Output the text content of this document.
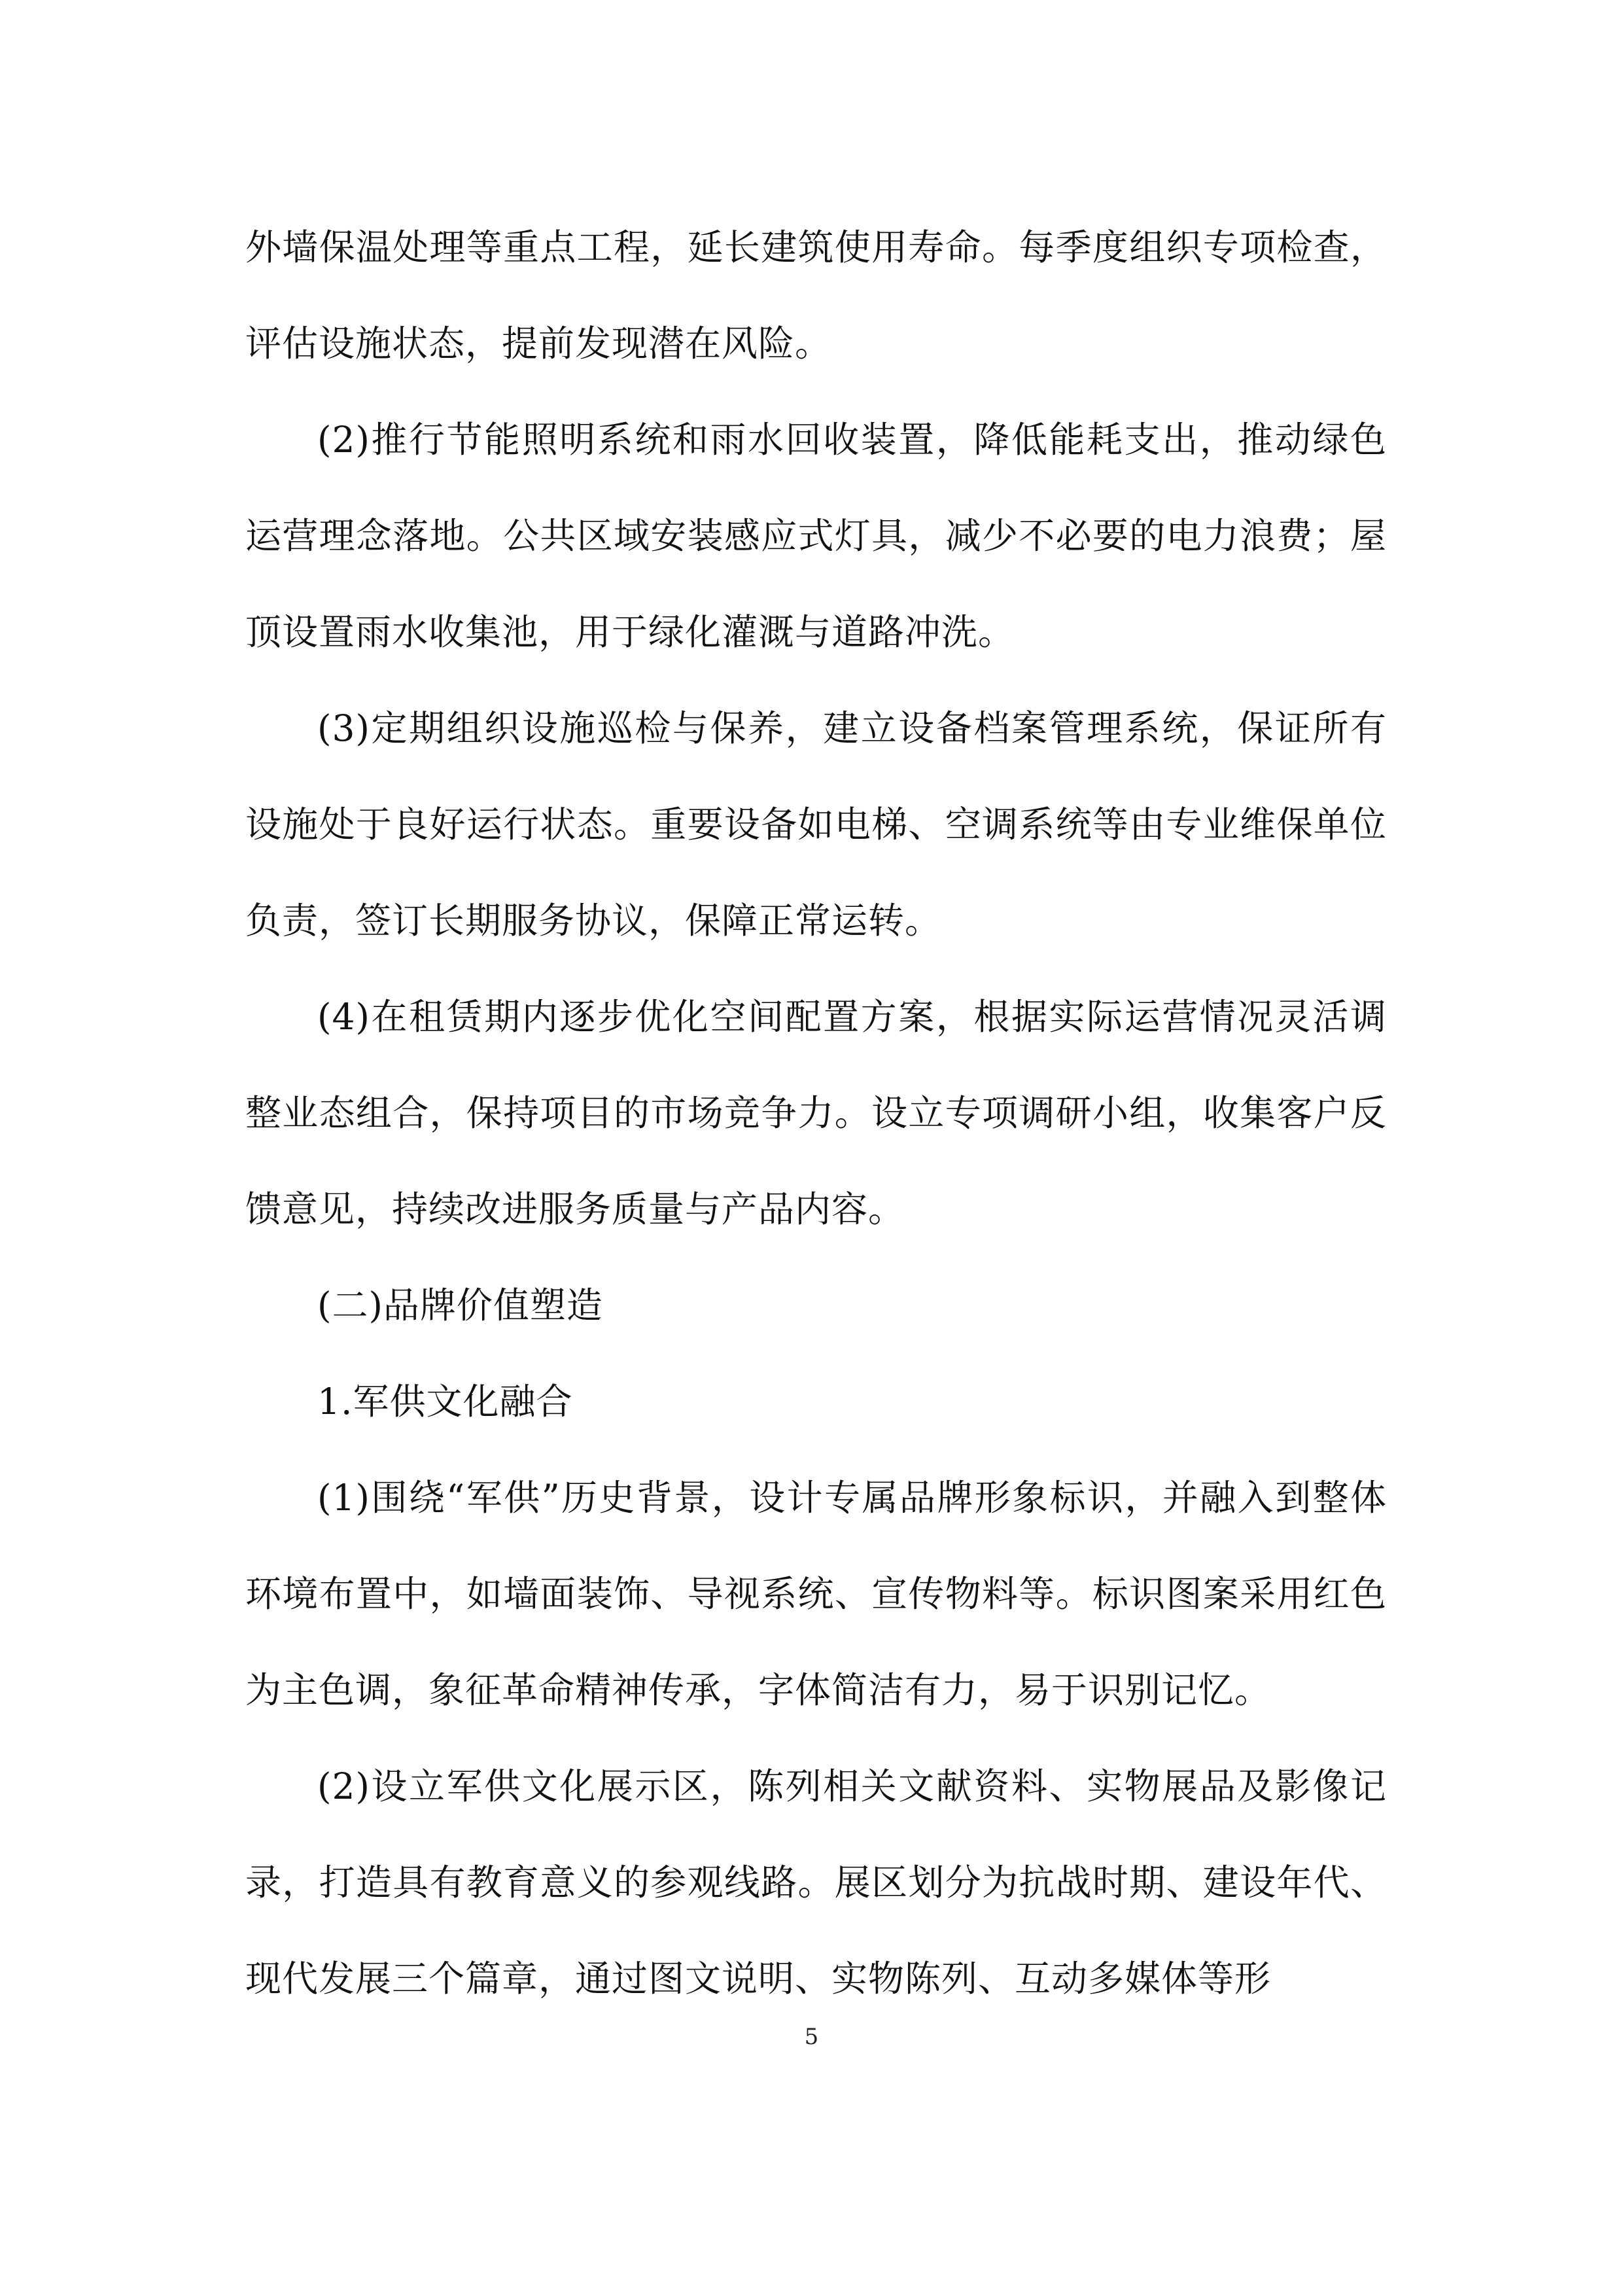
外墙保温处理等重点工程，延长建筑使用寿命。每季度组织专项检查，评估设施状态，提前发现潜在风险。

(2)推行节能照明系统和雨水回收装置，降低能耗支出，推动绿色运营理念落地。公共区域安装感应式灯具，减少不必要的电力浪费；屋顶设置雨水收集池，用于绿化灌溉与道路冲洗。

(3)定期组织设施巡检与保养，建立设备档案管理系统，保证所有设施处于良好运行状态。重要设备如电梯、空调系统等由专业维保单位负责，签订长期服务协议，保障正常运转。

(4)在租赁期内逐步优化空间配置方案，根据实际运营情况灵活调整业态组合，保持项目的市场竞争力。设立专项调研小组，收集客户反馈意见，持续改进服务质量与产品内容。

(二)品牌价值塑造

1.军供文化融合

(1)围绕“军供”历史背景，设计专属品牌形象标识，并融入到整体环境布置中，如墙面装饰、导视系统、宣传物料等。标识图案采用红色为主色调，象征革命精神传承，字体简洁有力，易于识别记忆。

(2)设立军供文化展示区，陈列相关文献资料、实物展品及影像记录，打造具有教育意义的参观线路。展区划分为抗战时期、建设年代、现代发展三个篇章，通过图文说明、实物陈列、互动多媒体等形

5
